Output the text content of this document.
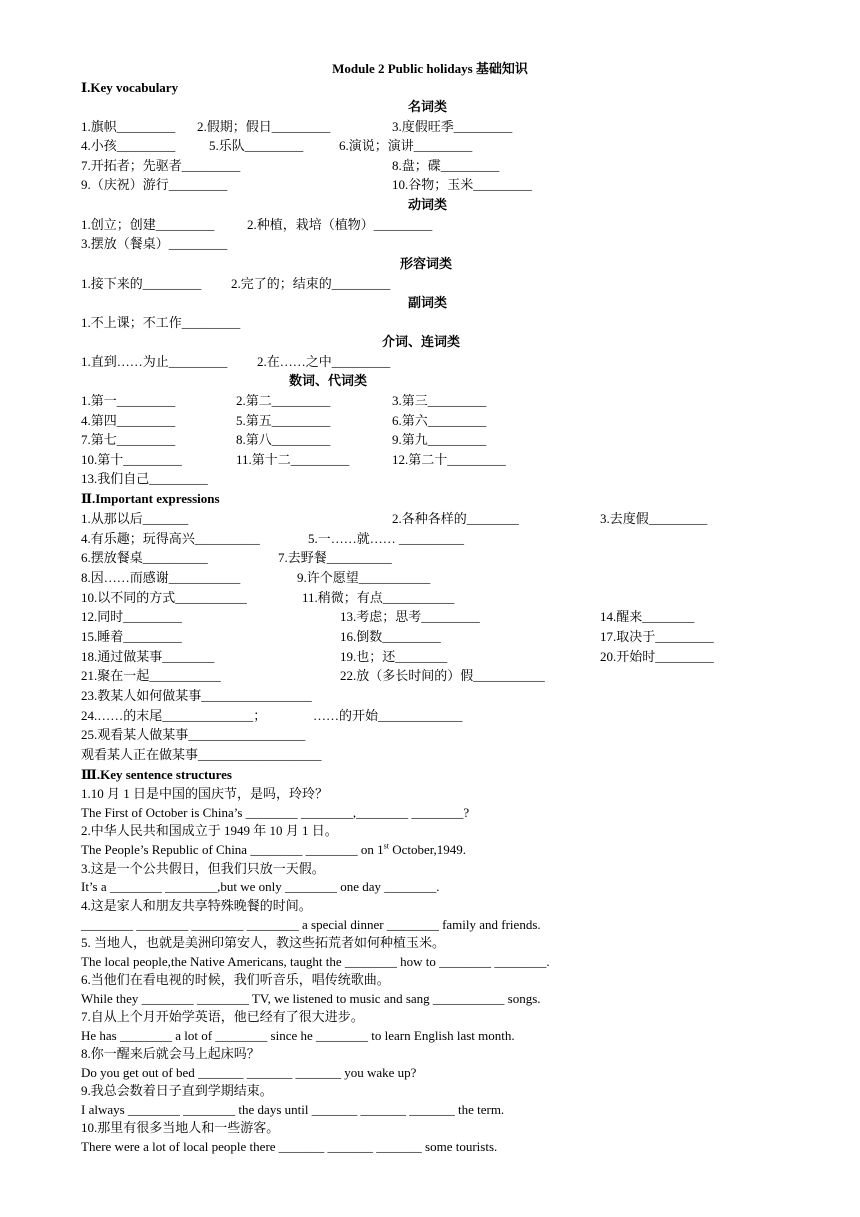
Module 2 Public holidays 基础知识
Ⅰ.Key vocabulary
名词类
1.旗帜_________ 2.假期；假日_________	3.度假旺季_________
4.小孩_________	5.乐队_________	6.演说；演讲_________
7.开拓者；先驱者_________	8.盘；碟_________
9.（庆祝）游行_________	10.谷物；玉米_________
动词类
1.创立；创建_________	2.种植，栽培（植物）_________
3.摆放（餐桌）_________
形容词类
1.接下来的_________ 2.完了的；结束的_________
副词类
1.不上课；不工作_________
介词、连词类
1.直到……为止_________ 2.在……之中_________
数词、代词类
1.第一_________	2.第二_________	3.第三_________
4.第四_________	5.第五_________	6.第六_________
7.第七_________	8.第八_________	9.第九_________
10.第十_________	11.第十二_________	12.第二十_________
13.我们自己_________
Ⅱ.Important expressions
1.从那以后_______	2.各种各样的________	3.去度假_________
4.有乐趣；玩得高兴__________	5.一……就…… __________
6.摆放餐桌__________	7.去野餐__________
8.因……而感谢___________	9.许个愿望___________
10.以不同的方式___________	11.稍微；有点___________
12.同时_________	13.考虑；思考_________	14.醒来________
15.睡着_________	16.倒数_________	17.取决于_________
18.通过做某事________	19.也；还________	20.开始时_________
21.聚在一起___________	22.放（多长时间的）假___________
23.教某人如何做某事_________________
24.……的末尾______________；	……的开始_____________
25.观看某人做某事__________________
观看某人正在做某事___________________
Ⅲ.Key sentence structures
1.10 月 1 日是中国的国庆节，是吗，玲玲？
The First of October is China’s ________ ________,________ ________?
2.中华人民共和国成立于 1949 年 10 月 1 日。
The People’s Republic of China ________ ________ on 1st October,1949.
3.这是一个公共假日，但我们只放一天假。
It’s a ________ ________,but we only ________ one day ________.
4.这是家人和朋友共享特殊晚餐的时间。
________ ________ ________ ________ a special dinner ________ family and friends.
5. 当地人，也就是美洲印第安人，教这些拓荒者如何种植玉米。
The local people,the Native Americans, taught the ________ how to ________ ________.
6.当他们在看电视的时候，我们听音乐，唱传统歌曲。
While they ________ ________ TV, we listened to music and sang ___________ songs.
7.自从上个月开始学英语，他已经有了很大进步。
He has ________ a lot of ________ since he ________ to learn English last month.
8.你一醒来后就会马上起床吗？
Do you get out of bed _______ _______ _______ you wake up?
9.我总会数着日子直到学期结束。
I always ________ ________ the days until _______ _______ _______ the term.
10.那里有很多当地人和一些游客。
There were a lot of local people there _______ _______ _______ some tourists.
